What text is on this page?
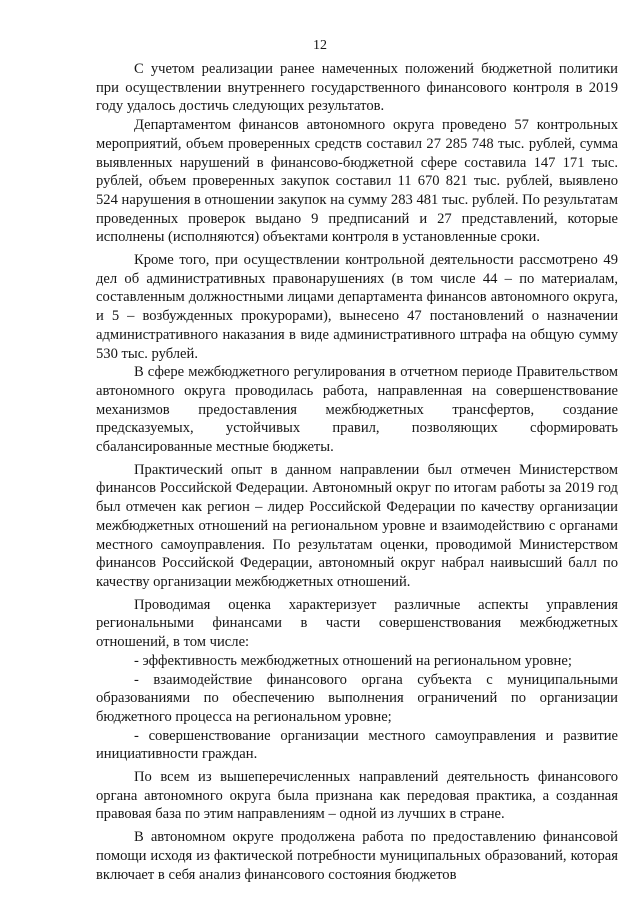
12

С учетом реализации ранее намеченных положений бюджетной политики при осуществлении внутреннего государственного финансового контроля в 2019 году удалось достичь следующих результатов.

Департаментом финансов автономного округа проведено 57 контрольных мероприятий, объем проверенных средств составил 27 285 748 тыс. рублей, сумма выявленных нарушений в финансово-бюджетной сфере составила 147 171 тыс. рублей, объем проверенных закупок составил 11 670 821 тыс. рублей, выявлено 524 нарушения в отношении закупок на сумму 283 481 тыс. рублей. По результатам проведенных проверок выдано 9 предписаний и 27 представлений, которые исполнены (исполняются) объектами контроля в установленные сроки.

Кроме того, при осуществлении контрольной деятельности рассмотрено 49 дел об административных правонарушениях (в том числе 44 – по материалам, составленным должностными лицами департамента финансов автономного округа, и 5 – возбужденных прокурорами), вынесено 47 постановлений о назначении административного наказания в виде административного штрафа на общую сумму 530 тыс. рублей.

В сфере межбюджетного регулирования в отчетном периоде Правительством автономного округа проводилась работа, направленная на совершенствование механизмов предоставления межбюджетных трансфертов, создание предсказуемых, устойчивых правил, позволяющих сформировать сбалансированные местные бюджеты.

Практический опыт в данном направлении был отмечен Министерством финансов Российской Федерации. Автономный округ по итогам работы за 2019 год был отмечен как регион – лидер Российской Федерации по качеству организации межбюджетных отношений на региональном уровне и взаимодействию с органами местного самоуправления. По результатам оценки, проводимой Министерством финансов Российской Федерации, автономный округ набрал наивысший балл по качеству организации межбюджетных отношений.

Проводимая оценка характеризует различные аспекты управления региональными финансами в части совершенствования межбюджетных отношений, в том числе:

- эффективность межбюджетных отношений на региональном уровне;

- взаимодействие финансового органа субъекта с муниципальными образованиями по обеспечению выполнения ограничений по организации бюджетного процесса на региональном уровне;

- совершенствование организации местного самоуправления и развитие инициативности граждан.

По всем из вышеперечисленных направлений деятельность финансового органа автономного округа была признана как передовая практика, а созданная правовая база по этим направлениям – одной из лучших в стране.

В автономном округе продолжена работа по предоставлению финансовой помощи исходя из фактической потребности муниципальных образований, которая включает в себя анализ финансового состояния бюджетов
